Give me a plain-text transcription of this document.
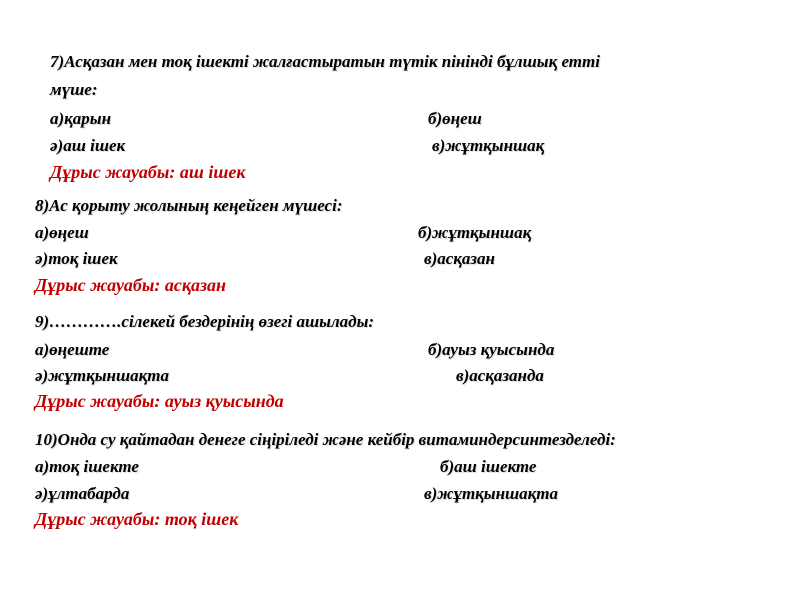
7)Асқазан мен тоқ ішекті жалғастыратын түтік пініндi бұлшық етті
мүше:
а)қарын	б)өңеш
ә)аш ішек	в)жұтқыншақ
Дұрыс жауабы: аш ішек
8)Ас қорыту жолының кеңейген мүшесі:
а)өңеш	б)жұтқыншақ
ә)тоқ ішек	в)асқазан
Дұрыс жауабы: асқазан
9)………….сілекей бездерінің өзегі ашылады:
а)өңеште	б)ауыз қуысында
ә)жұтқыншақта	в)асқазанда
Дұрыс жауабы: ауыз қуысында
10)Онда су қайтадан денеге сіңіріледі және кейбір витаминдерсинтезделеді:
а)тоқ ішекте	б)аш ішекте
ә)ұлтабарда	в)жұтқыншақта
Дұрыс жауабы: тоқ ішек
